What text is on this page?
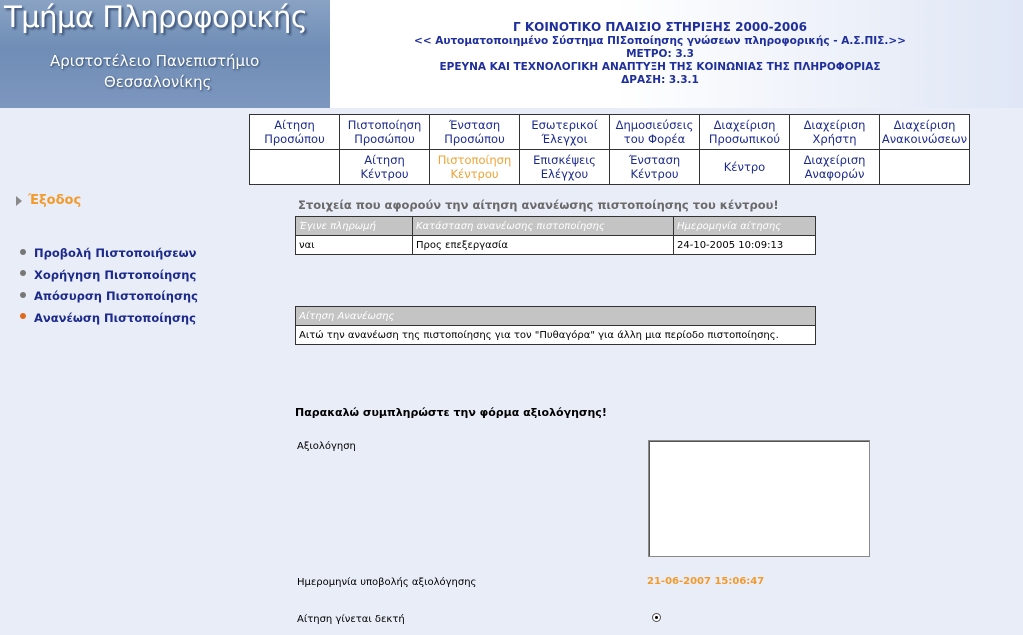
Τμήμα Πληροφορικής
Αριστοτέλειο Πανεπιστήμιο
Θεσσαλονίκης
Γ ΚΟΙΝΟΤΙΚΟ ΠΛΑΙΣΙΟ ΣΤΗΡΙΞΗΣ 2000-2006
<< Αυτοματοποιημένο Σύστημα ΠΙΣοποίησης γνώσεων πληροφορικής - Α.Σ.ΠΙΣ.>>
ΜΕΤΡΟ: 3.3
ΕΡΕΥΝΑ ΚΑΙ ΤΕΧΝΟΛΟΓΙΚΗ ΑΝΑΠΤΥΞΗ ΤΗΣ ΚΟΙΝΩΝΙΑΣ ΤΗΣ ΠΛΗΡΟΦΟΡΙΑΣ
ΔΡΑΣΗ: 3.3.1
Αίτηση Προσώπου	Πιστοποίηση Προσώπου	Ένσταση Προσώπου	Εσωτερικοί Έλεγχοι	Δημοσιεύσεις του Φορέα	Διαχείριση Προσωπικού	Διαχείριση Χρήστη	Διαχείριση Ανακοινώσεων
	Αίτηση Κέντρου	Πιστοποίηση Κέντρου	Επισκέψεις Ελέγχου	Ένσταση Κέντρου	Κέντρο	Διαχείριση Αναφορών	
Έξοδος
Προβολή Πιστοποιήσεων
Χορήγηση Πιστοποίησης
Απόσυρση Πιστοποίησης
Ανανέωση Πιστοποίησης
Στοιχεία που αφορούν την αίτηση ανανέωσης πιστοποίησης του κέντρου!
Έγινε πληρωμή	Κατάσταση ανανέωσης πιστοποίησης	Ημερομηνία αίτησης
ναι	Προς επεξεργασία	24-10-2005 10:09:13
Αίτηση Ανανέωσης
Αιτώ την ανανέωση της πιστοποίησης για τον "Πυθαγόρα" για άλλη μια περίοδο πιστοποίησης.
Παρακαλώ συμπληρώστε την φόρμα αξιολόγησης!
Αξιολόγηση
Ημερομηνία υποβολής αξιολόγησης	21-06-2007 15:06:47
Αίτηση γίνεται δεκτή
